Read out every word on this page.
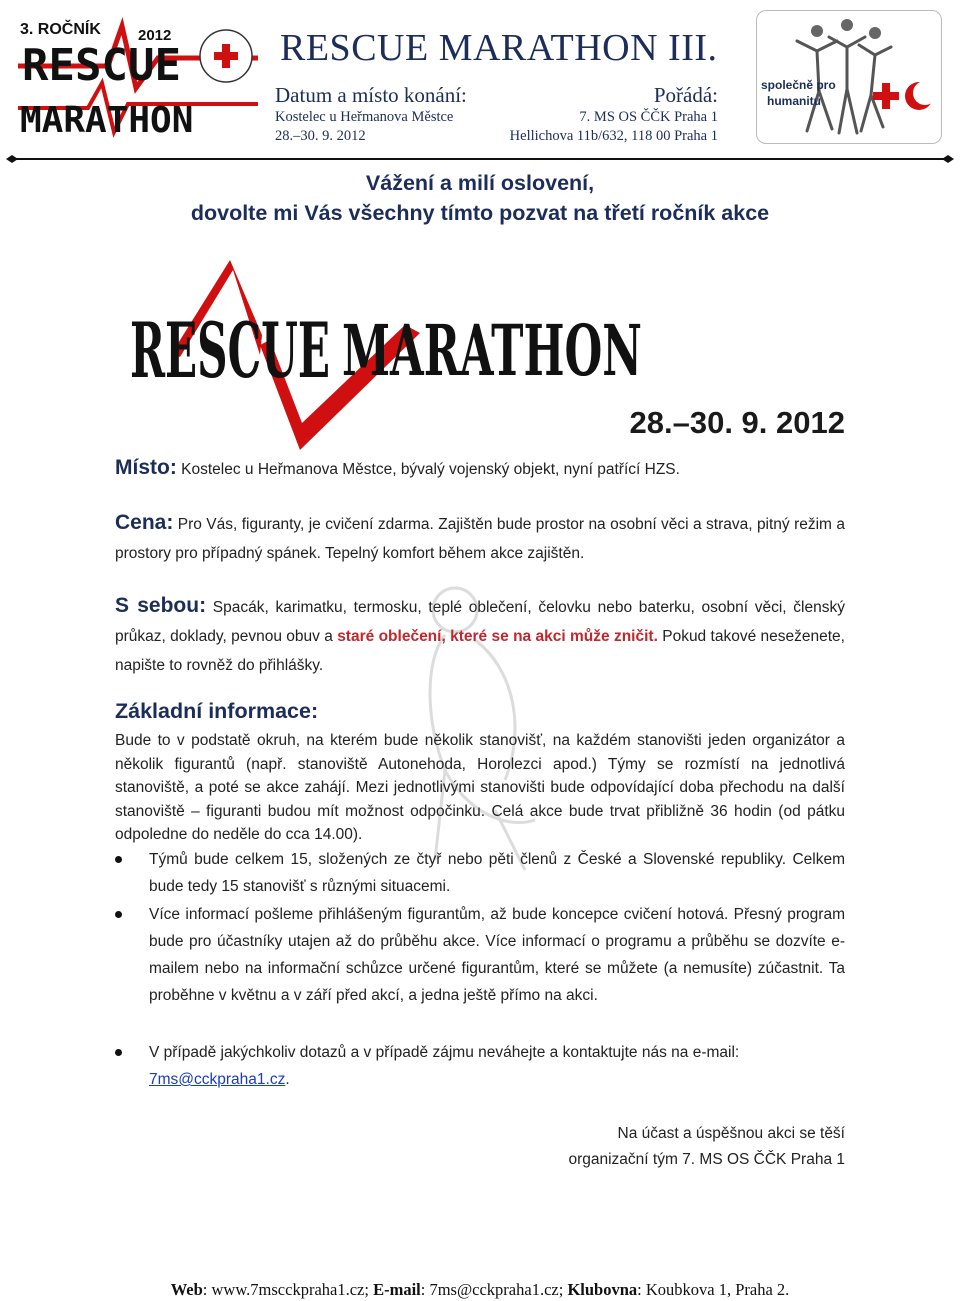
3. ROČNÍK 2012
RESCUE
MARATHON
RESCUE MARATHON III.
Datum a místo konání:
Kostelec u Heřmanova Městce
28.–30. 9. 2012
Pořádá:
7. MS OS ČČK Praha 1
Hellichova 11b/632, 118 00 Praha 1
společně pro
humanitu
Vážení a milí oslovení,
dovolte mi Vás všechny tímto pozvat na třetí ročník akce
RESCUE MARATHON
28.–30. 9. 2012
Místo: Kostelec u Heřmanova Městce, bývalý vojenský objekt, nyní patřící HZS.
Cena: Pro Vás, figuranty, je cvičení zdarma. Zajištěn bude prostor na osobní věci a strava, pitný režim a prostory pro případný spánek. Tepelný komfort během akce zajištěn.
S sebou: Spacák, karimatku, termosku, teplé oblečení, čelovku nebo baterku, osobní věci, členský průkaz, doklady, pevnou obuv a staré oblečení, které se na akci může zničit. Pokud takové neseženete, napište to rovněž do přihlášky.
Základní informace:
Bude to v podstatě okruh, na kterém bude několik stanovišť, na každém stanovišti jeden organizátor a několik figurantů (např. stanoviště Autonehoda, Horolezci apod.) Týmy se rozmístí na jednotlivá stanoviště, a poté se akce zahájí. Mezi jednotlivými stanovišti bude odpovídající doba přechodu na další stanoviště – figuranti budou mít možnost odpočinku. Celá akce bude trvat přibližně 36 hodin (od pátku odpoledne do neděle do cca 14.00).
Týmů bude celkem 15, složených ze čtyř nebo pěti členů z České a Slovenské republiky. Celkem bude tedy 15 stanovišť s různými situacemi.
Více informací pošleme přihlášeným figurantům, až bude koncepce cvičení hotová. Přesný program bude pro účastníky utajen až do průběhu akce. Více informací o programu a průběhu se dozvíte e-mailem nebo na informační schůzce určené figurantům, které se můžete (a nemusíte) zúčastnit. Ta proběhne v květnu a v září před akcí, a jedna ještě přímo na akci.
V případě jakýchkoliv dotazů a v případě zájmu neváhejte a kontaktujte nás na e-mail: 7ms@cckpraha1.cz.
Na účast a úspěšnou akci se těší
organizační tým 7. MS OS ČČK Praha 1
Web: www.7mscckpraha1.cz; E-mail: 7ms@cckpraha1.cz; Klubovna: Koubkova 1, Praha 2.
